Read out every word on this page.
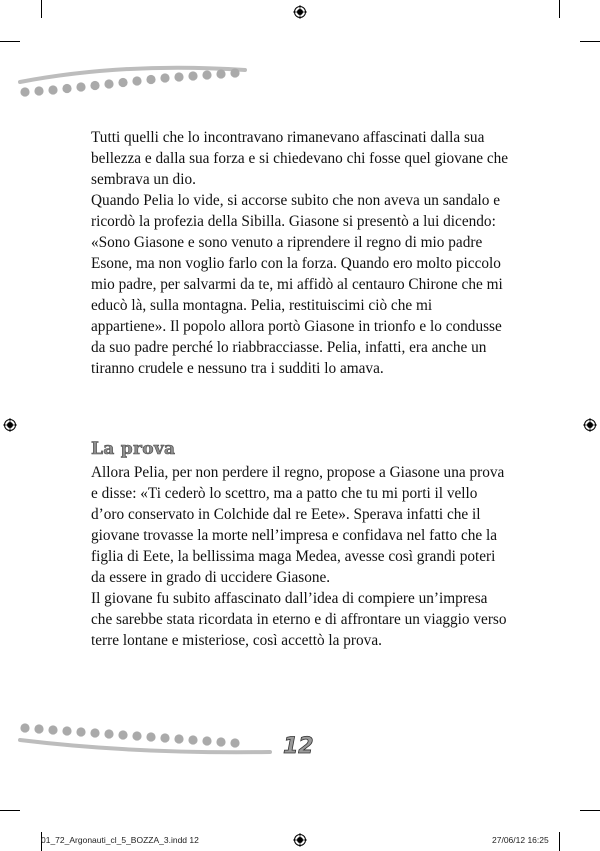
Tutti quelli che lo incontravano rimanevano affascinati dalla sua bellezza e dalla sua forza e si chiedevano chi fosse quel giovane che sembrava un dio.

Quando Pelia lo vide, si accorse subito che non aveva un sandalo e ricordò la profezia della Sibilla. Giasone si presentò a lui dicendo: «Sono Giasone e sono venuto a riprendere il regno di mio padre Esone, ma non voglio farlo con la forza. Quando ero molto piccolo mio padre, per salvarmi da te, mi affidò al centauro Chirone che mi educò là, sulla montagna. Pelia, restituiscimi ciò che mi appartiene». Il popolo allora portò Giasone in trionfo e lo condusse da suo padre perché lo riabbracciasse. Pelia, infatti, era anche un tiranno crudele e nessuno tra i sudditi lo amava.

La prova

Allora Pelia, per non perdere il regno, propose a Giasone una prova e disse: «Ti cederò lo scettro, ma a patto che tu mi porti il vello d’oro conservato in Colchide dal re Eete». Sperava infatti che il giovane trovasse la morte nell’impresa e confidava nel fatto che la figlia di Eete, la bellissima maga Medea, avesse così grandi poteri da essere in grado di uccidere Giasone.

Il giovane fu subito affascinato dall’idea di compiere un’impresa che sarebbe stata ricordata in eterno e di affrontare un viaggio verso terre lontane e misteriose, così accettò la prova.

12
01_72_Argonauti_cl_5_BOZZA_3.indd 12	27/06/12 16:25
